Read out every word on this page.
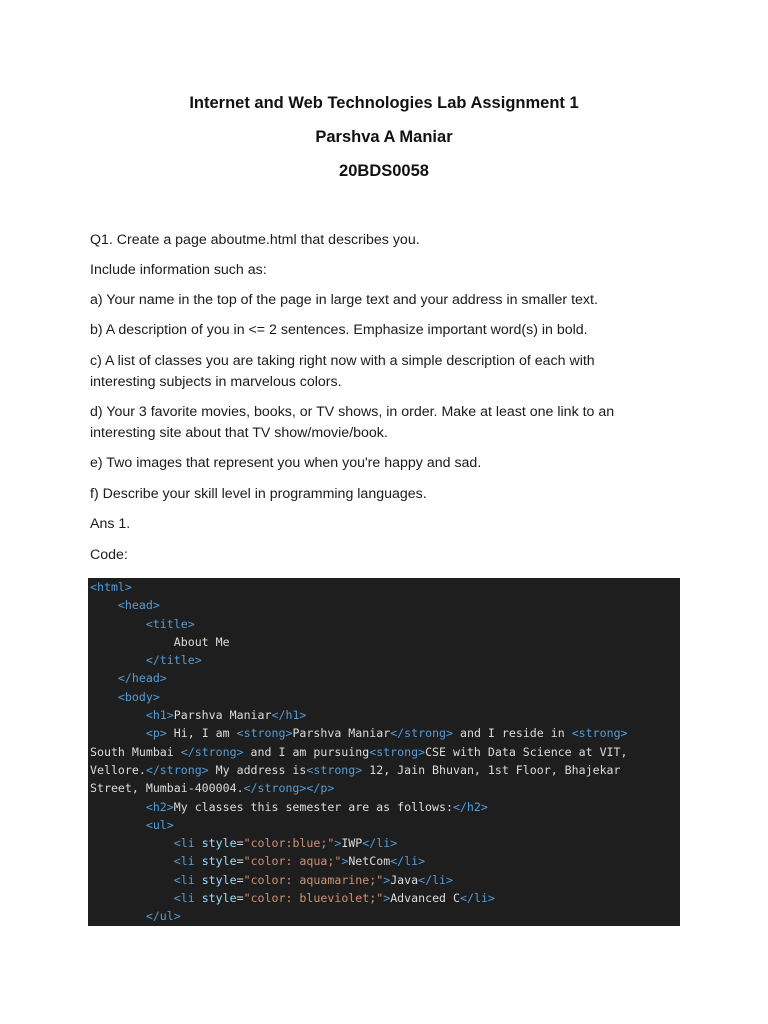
Internet and Web Technologies Lab Assignment 1
Parshva A Maniar
20BDS0058
Q1. Create a page aboutme.html that describes you.
Include information such as:
a) Your name in the top of the page in large text and your address in smaller text.
b) A description of you in <= 2 sentences. Emphasize important word(s) in bold.
c) A list of classes you are taking right now with a simple description of each with
interesting subjects in marvelous colors.
d) Your 3 favorite movies, books, or TV shows, in order. Make at least one link to an
interesting site about that TV show/movie/book.
e) Two images that represent you when you're happy and sad.
f) Describe your skill level in programming languages.
Ans 1.
Code:
<html>
<head>
<title>
About Me
</title>
</head>
<body>
<h1>Parshva Maniar</h1>
<p> Hi, I am <strong>Parshva Maniar</strong> and I reside in <strong>
South Mumbai </strong> and I am pursuing<strong>CSE with Data Science at VIT,
Vellore.</strong> My address is<strong> 12, Jain Bhuvan, 1st Floor, Bhajekar
Street, Mumbai-400004.</strong></p>
<h2>My classes this semester are as follows:</h2>
<ul>
<li style="color:blue;">IWP</li>
<li style="color: aqua;">NetCom</li>
<li style="color: aquamarine;">Java</li>
<li style="color: blueviolet;">Advanced C</li>
</ul>
